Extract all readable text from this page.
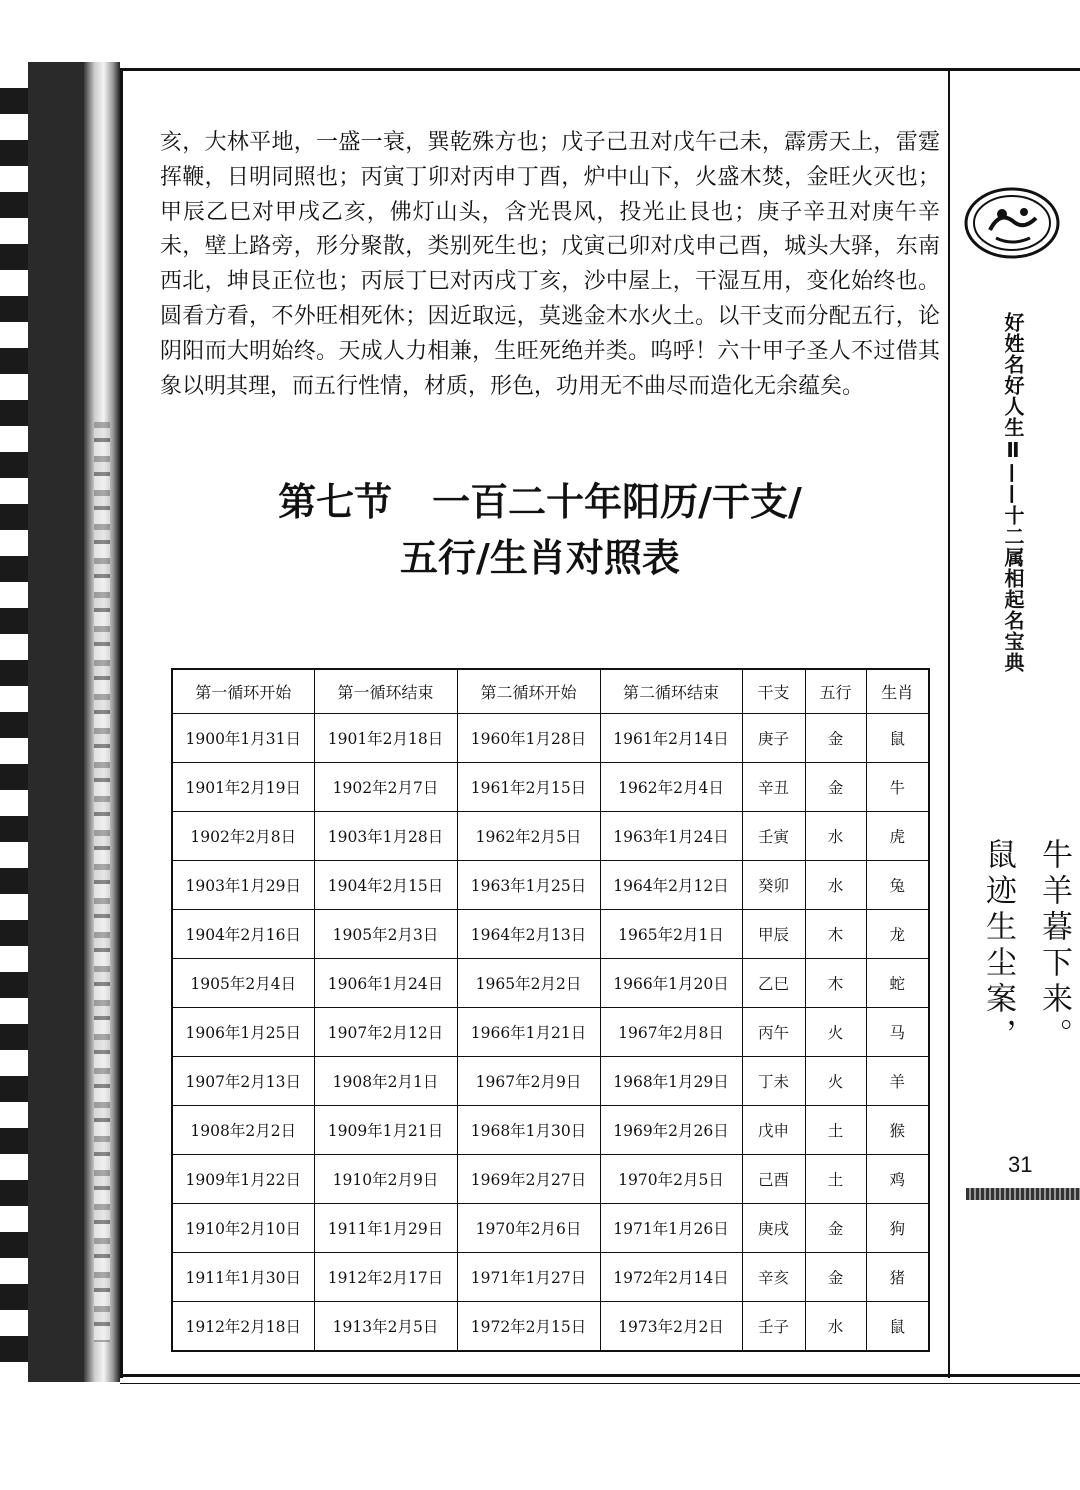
亥，大林平地，一盛一衰，巽乾殊方也；戊子己丑对戊午己未，霹雳天上，雷霆挥鞭，日明同照也；丙寅丁卯对丙申丁酉，炉中山下，火盛木焚，金旺火灭也；甲辰乙巳对甲戌乙亥，佛灯山头，含光畏风，投光止艮也；庚子辛丑对庚午辛未，壁上路旁，形分聚散，类别死生也；戊寅己卯对戊申己酉，城头大驿，东南西北，坤艮正位也；丙辰丁巳对丙戌丁亥，沙中屋上，干湿互用，变化始终也。圆看方看，不外旺相死休；因近取远，莫逃金木水火土。以干支而分配五行，论阴阳而大明始终。天成人力相兼，生旺死绝并类。呜呼！六十甲子圣人不过借其象以明其理，而五行性情，材质，形色，功用无不曲尽而造化无余蕴矣。

第七节 一百二十年阳历/干支/
五行/生肖对照表
第一循环开始	第一循环结束	第二循环开始	第二循环结束	干支	五行	生肖
1900年1月31日	1901年2月18日	1960年1月28日	1961年2月14日	庚子	金	鼠
1901年2月19日	1902年2月7日	1961年2月15日	1962年2月4日	辛丑	金	牛
1902年2月8日	1903年1月28日	1962年2月5日	1963年1月24日	壬寅	水	虎
1903年1月29日	1904年2月15日	1963年1月25日	1964年2月12日	癸卯	水	兔
1904年2月16日	1905年2月3日	1964年2月13日	1965年2月1日	甲辰	木	龙
1905年2月4日	1906年1月24日	1965年2月2日	1966年1月20日	乙巳	木	蛇
1906年1月25日	1907年2月12日	1966年1月21日	1967年2月8日	丙午	火	马
1907年2月13日	1908年2月1日	1967年2月9日	1968年1月29日	丁未	火	羊
1908年2月2日	1909年1月21日	1968年1月30日	1969年2月26日	戊申	土	猴
1909年1月22日	1910年2月9日	1969年2月27日	1970年2月5日	己酉	土	鸡
1910年2月10日	1911年1月29日	1970年2月6日	1971年1月26日	庚戌	金	狗
1911年1月30日	1912年2月17日	1971年1月27日	1972年2月14日	辛亥	金	猪
1912年2月18日	1913年2月5日	1972年2月15日	1973年2月2日	壬子	水	鼠
好姓名好人生Ⅱ——十二属相起名宝典
牛羊暮下来。
鼠迹生尘案，
31
